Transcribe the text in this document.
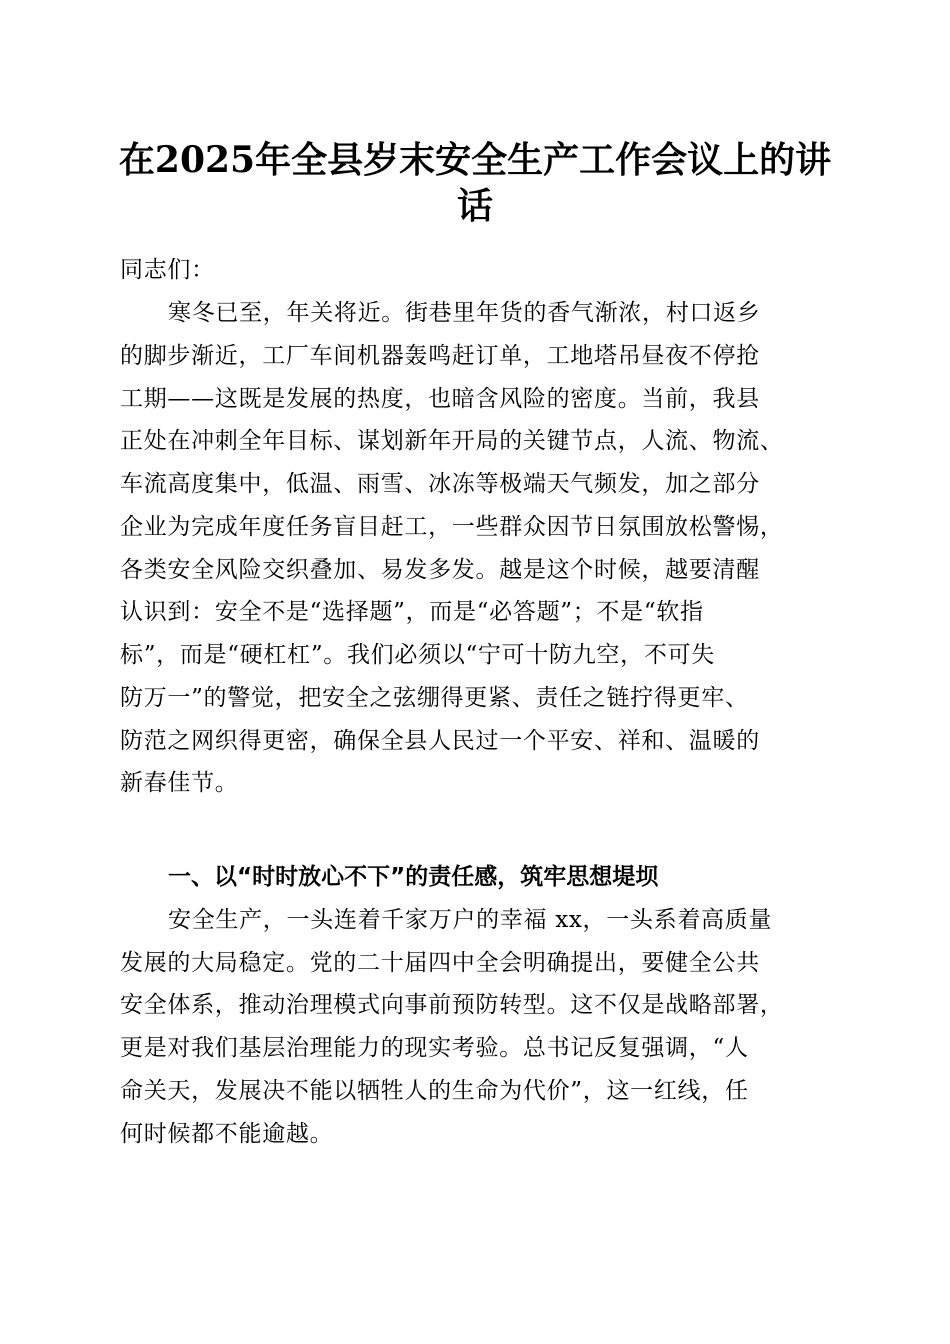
在2025年全县岁末安全生产工作会议上的讲
话
同志们：
寒冬已至，年关将近。街巷里年货的香气渐浓，村口返乡
的脚步渐近，工厂车间机器轰鸣赶订单，工地塔吊昼夜不停抢
工期——这既是发展的热度，也暗含风险的密度。当前，我县
正处在冲刺全年目标、谋划新年开局的关键节点，人流、物流、
车流高度集中，低温、雨雪、冰冻等极端天气频发，加之部分
企业为完成年度任务盲目赶工，一些群众因节日氛围放松警惕，
各类安全风险交织叠加、易发多发。越是这个时候，越要清醒
认识到：安全不是“选择题”，而是“必答题”；不是“软指
标”，而是“硬杠杠”。我们必须以“宁可十防九空，不可失
防万一”的警觉，把安全之弦绷得更紧、责任之链拧得更牢、
防范之网织得更密，确保全县人民过一个平安、祥和、温暖的
新春佳节。
一、以“时时放心不下”的责任感，筑牢思想堤坝
安全生产，一头连着千家万户的幸福 xx，一头系着高质量
发展的大局稳定。党的二十届四中全会明确提出，要健全公共
安全体系，推动治理模式向事前预防转型。这不仅是战略部署，
更是对我们基层治理能力的现实考验。总书记反复强调，“人
命关天，发展决不能以牺牲人的生命为代价”，这一红线，任
何时候都不能逾越。
